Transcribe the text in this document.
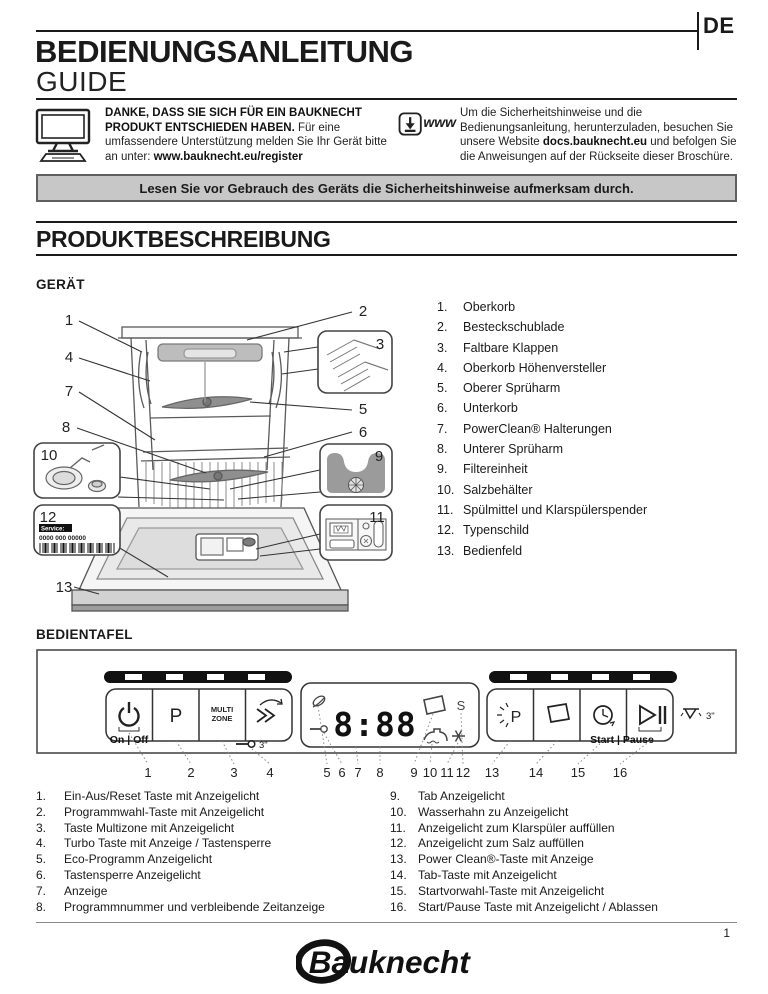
DE
BEDIENUNGSANLEITUNG
GUIDE
DANKE, DASS SIE SICH FÜR EIN BAUKNECHT PRODUKT ENTSCHIEDEN HABEN. Für eine umfassendere Unterstützung melden Sie Ihr Gerät bitte an unter: www.bauknecht.eu/register
www
Um die Sicherheitshinweise und die Bedienungsanleitung, herunterzuladen, besuchen Sie unsere Website docs.bauknecht.eu und befolgen Sie die Anweisungen auf der Rückseite dieser Broschüre.
Lesen Sie vor Gebrauch des Geräts die Sicherheitshinweise aufmerksam durch.
PRODUKTBESCHREIBUNG
GERÄT
Service:
0000 000 00000
1
2
3
4
5
6
7
8
9
10
11
12
13
1.	Oberkorb
2.	Besteckschublade
3.	Faltbare Klappen
4.	Oberkorb Höhenversteller
5.	Oberer Sprüharm
6.	Unterkorb
7.	PowerClean® Halterungen
8.	Unterer Sprüharm
9.	Filtereinheit
10. Salzbehälter
11. Spülmittel und Klarspülerspender
12. Typenschild
13. Bedienfeld
BEDIENTAFEL
P	MULTI
ZONE
On | Off	3"
8:88	S
P	3"
Start | Pause
1	2	3 4	5 6 7 8 9 10 11 12 13 14 15 16
1.	Ein-Aus/Reset Taste mit Anzeigelicht
2.	Programmwahl-Taste mit Anzeigelicht
3.	Taste Multizone mit Anzeigelicht
4.	Turbo Taste mit Anzeige / Tastensperre
5.	Eco-Programm Anzeigelicht
6.	Tastensperre Anzeigelicht
7.	Anzeige
8.	Programmnummer und verbleibende Zeitanzeige
9.	Tab Anzeigelicht
10. Wasserhahn zu Anzeigelicht
11.	Anzeigelicht zum Klarspüler auffüllen
12. Anzeigelicht zum Salz auffüllen
13. Power Clean®-Taste mit Anzeige
14. Tab-Taste mit Anzeigelicht
15. Startvorwahl-Taste mit Anzeigelicht
16. Start/Pause Taste mit Anzeigelicht / Ablassen
1
Bauknecht
